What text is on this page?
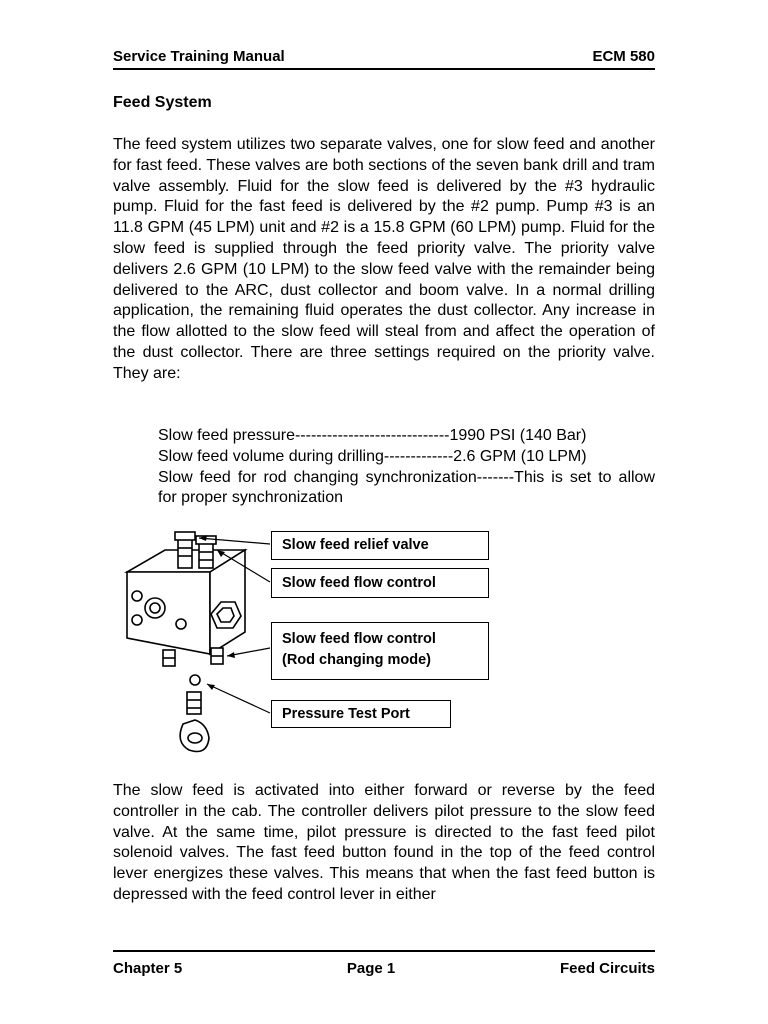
Service Training Manual	ECM 580
Feed System

The feed system utilizes two separate valves, one for slow feed and another for fast feed. These valves are both sections of the seven bank drill and tram valve assembly. Fluid for the slow feed is delivered by the #3 hydraulic pump. Fluid for the fast feed is delivered by the #2 pump. Pump #3 is an 11.8 GPM (45 LPM) unit and #2 is a 15.8 GPM (60 LPM) pump. Fluid for the slow feed is supplied through the feed priority valve. The priority valve delivers 2.6 GPM (10 LPM) to the slow feed valve with the remainder being delivered to the ARC, dust collector and boom valve. In a normal drilling application, the remaining fluid operates the dust collector. Any increase in the flow allotted to the slow feed will steal from and affect the operation of the dust collector. There are three settings required on the priority valve. They are:

Slow feed pressure-----------------------------1990 PSI (140 Bar)
Slow feed volume during drilling-------------2.6 GPM (10 LPM)
Slow feed for rod changing synchronization-------This is set to allow for proper synchronization
Slow feed relief valve
Slow feed flow control
Slow feed flow control
(Rod changing mode)
Pressure Test Port

The slow feed is activated into either forward or reverse by the feed controller in the cab. The controller delivers pilot pressure to the slow feed valve. At the same time, pilot pressure is directed to the fast feed pilot solenoid valves. The fast feed button found in the top of the feed control lever energizes these valves. This means that when the fast feed button is depressed with the feed control lever in either

Chapter 5	Page 1	Feed Circuits
